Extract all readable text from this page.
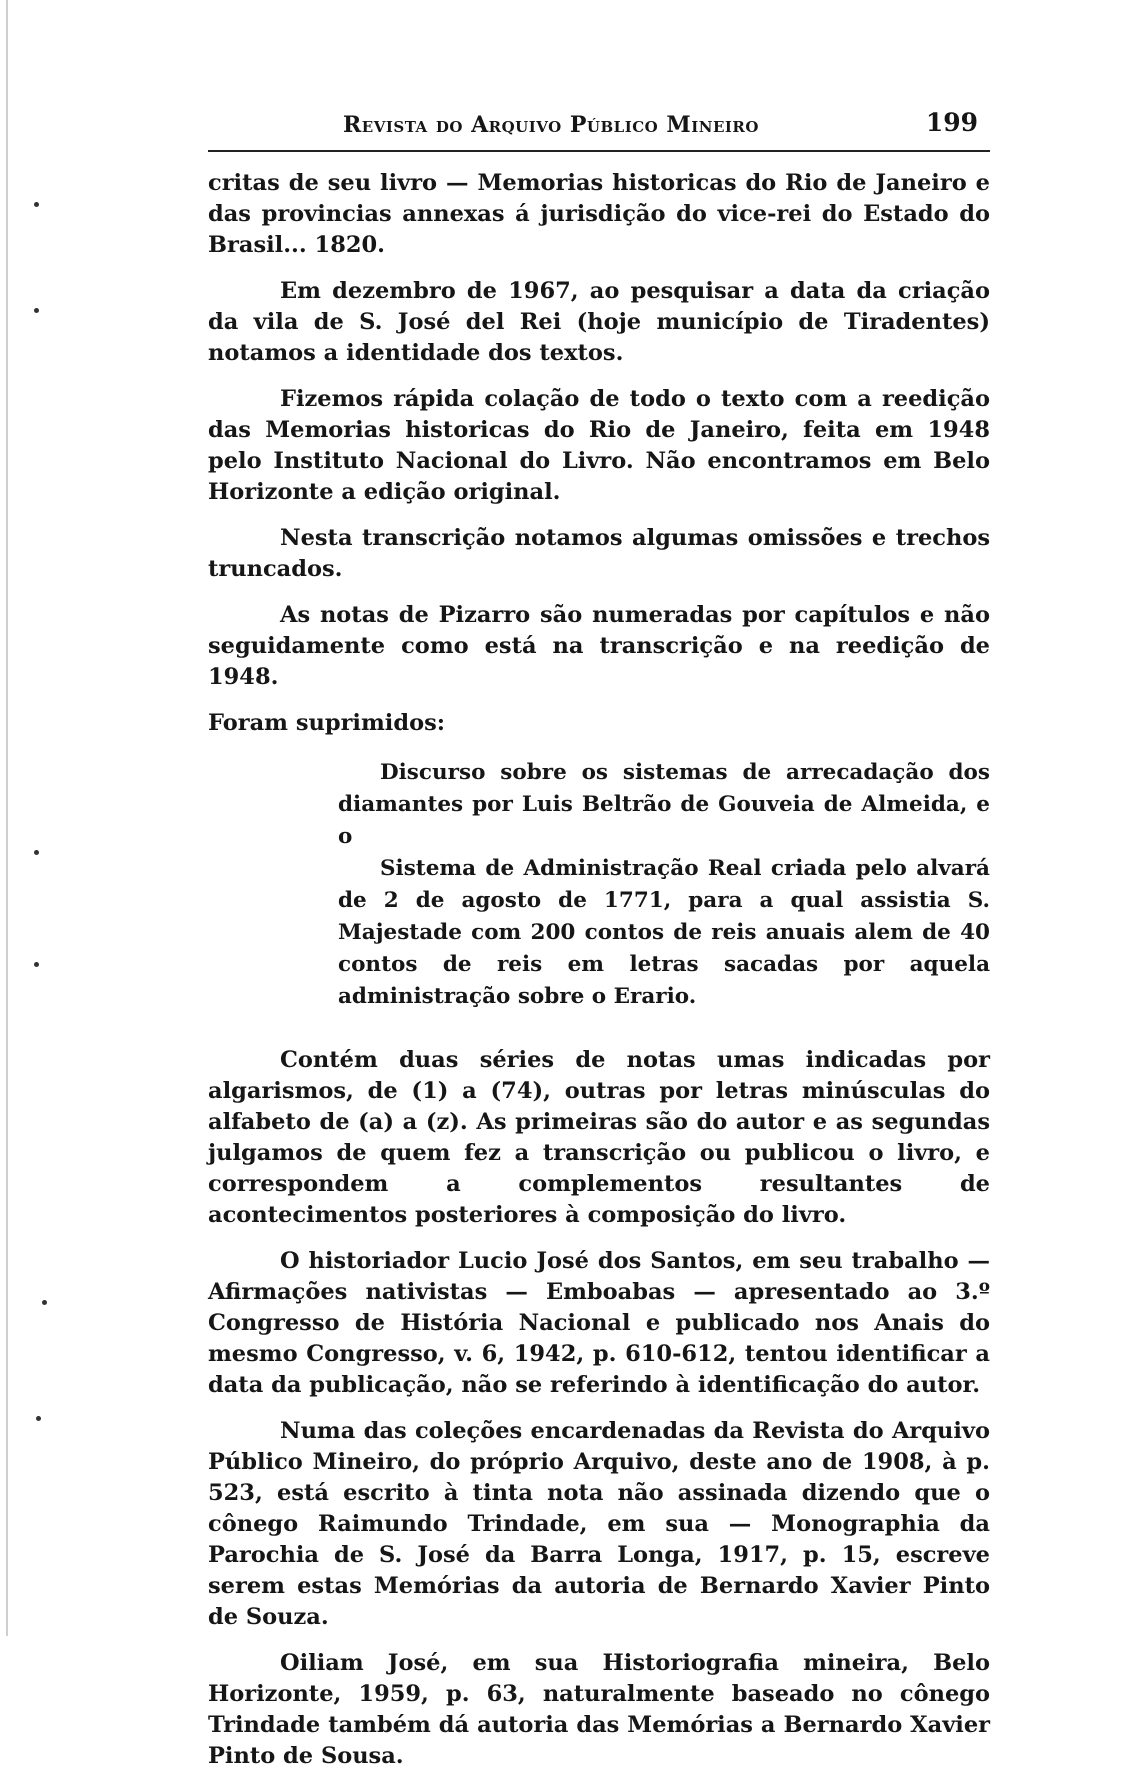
Revista do Arquivo Público Mineiro	199

critas de seu livro — Memorias historicas do Rio de Janeiro e das provincias annexas á jurisdição do vice-rei do Estado do Brasil... 1820.

Em dezembro de 1967, ao pesquisar a data da criação da vila de S. José del Rei (hoje município de Tiradentes) notamos a identidade dos textos.

Fizemos rápida colação de todo o texto com a reedição das Memorias historicas do Rio de Janeiro, feita em 1948 pelo Instituto Nacional do Livro. Não encontramos em Belo Horizonte a edição original.

Nesta transcrição notamos algumas omissões e trechos truncados.

As notas de Pizarro são numeradas por capítulos e não seguidamente como está na transcrição e na reedição de 1948.

Foram suprimidos:

Discurso sobre os sistemas de arrecadação dos diamantes por Luis Beltrão de Gouveia de Almeida, e o
Sistema de Administração Real criada pelo alvará de 2 de agosto de 1771, para a qual assistia S. Majestade com 200 contos de reis anuais alem de 40 contos de reis em letras sacadas por aquela administração sobre o Erario.

Contém duas séries de notas umas indicadas por algarismos, de (1) a (74), outras por letras minúsculas do alfabeto de (a) a (z). As primeiras são do autor e as segundas julgamos de quem fez a transcrição ou publicou o livro, e correspondem a complementos resultantes de acontecimentos posteriores à composição do livro.

O historiador Lucio José dos Santos, em seu trabalho — Afirmações nativistas — Emboabas — apresentado ao 3.º Congresso de História Nacional e publicado nos Anais do mesmo Congresso, v. 6, 1942, p. 610-612, tentou identificar a data da publicação, não se referindo à identificação do autor.

Numa das coleções encardenadas da Revista do Arquivo Público Mineiro, do próprio Arquivo, deste ano de 1908, à p. 523, está escrito à tinta nota não assinada dizendo que o cônego Raimundo Trindade, em sua — Monographia da Parochia de S. José da Barra Longa, 1917, p. 15, escreve serem estas Memórias da autoria de Bernardo Xavier Pinto de Souza.

Oiliam José, em sua Historiografia mineira, Belo Horizonte, 1959, p. 63, naturalmente baseado no cônego Trindade também dá autoria das Memórias a Bernardo Xavier Pinto de Sousa.
